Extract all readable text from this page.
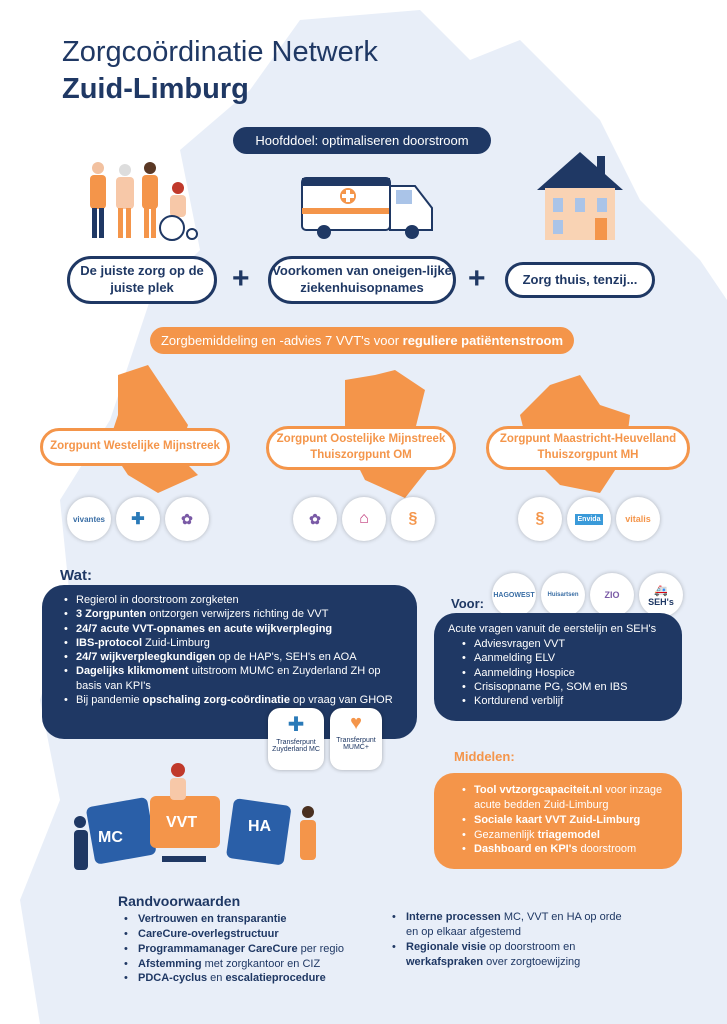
Zorgcoördinatie Netwerk
Zuid-Limburg
Hoofddoel: optimaliseren doorstroom
De juiste zorg op de juiste plek	+	Voorkomen van oneigen-lijke ziekenhuisopnames	+	Zorg thuis, tenzij...
Zorgbemiddeling en -advies 7 VVT's voor reguliere patiëntenstroom
Zorgpunt Westelijke Mijnstreek
Zorgpunt Oostelijke Mijnstreek
Thuiszorgpunt OM
Zorgpunt Maastricht-Heuvelland
Thuiszorgpunt MH
vivantes	✚	✿	✿ ⌂ §	§	Envida	vitalis
Wat:
• Regierol in doorstroom zorgketen
• 3 Zorgpunten ontzorgen verwijzers richting de VVT
• 24/7 acute VVT-opnames en acute wijkverpleging
• IBS-protocol Zuid-Limburg
• 24/7 wijkverpleegkundigen op de HAP's, SEH's en AOA
• Dagelijks klikmoment uitstroom MUMC en Zuyderland ZH op basis van KPI's
• Bij pandemie opschaling zorg-coördinatie op vraag van GHOR
✚
Transferpunt Zuyderland MC
♥
Transferpunt MUMC+
Voor:
HAGOWEST Huisartsen	ZIO	🚑
SEH's
Acute vragen vanuit de eerstelijn en SEH's
• Adviesvragen VVT
• Aanmelding ELV
• Aanmelding Hospice
• Crisisopname PG, SOM en IBS
• Kortdurend verblijf
Middelen:
• Tool vvtzorgcapaciteit.nl voor inzage acute bedden Zuid-Limburg
• Sociale kaart VVT Zuid-Limburg
• Gezamenlijk triagemodel
• Dashboard en KPI's doorstroom
MC
VVT	HA
Randvoorwaarden
• Vertrouwen en transparantie
• CareCure-overlegstructuur
• Programmamanager CareCure per regio
• Afstemming met zorgkantoor en CIZ
• PDCA-cyclus en escalatieprocedure
• Interne processen MC, VVT en HA op orde en op elkaar afgestemd
• Regionale visie op doorstroom en werkafspraken over zorgtoewijzing
